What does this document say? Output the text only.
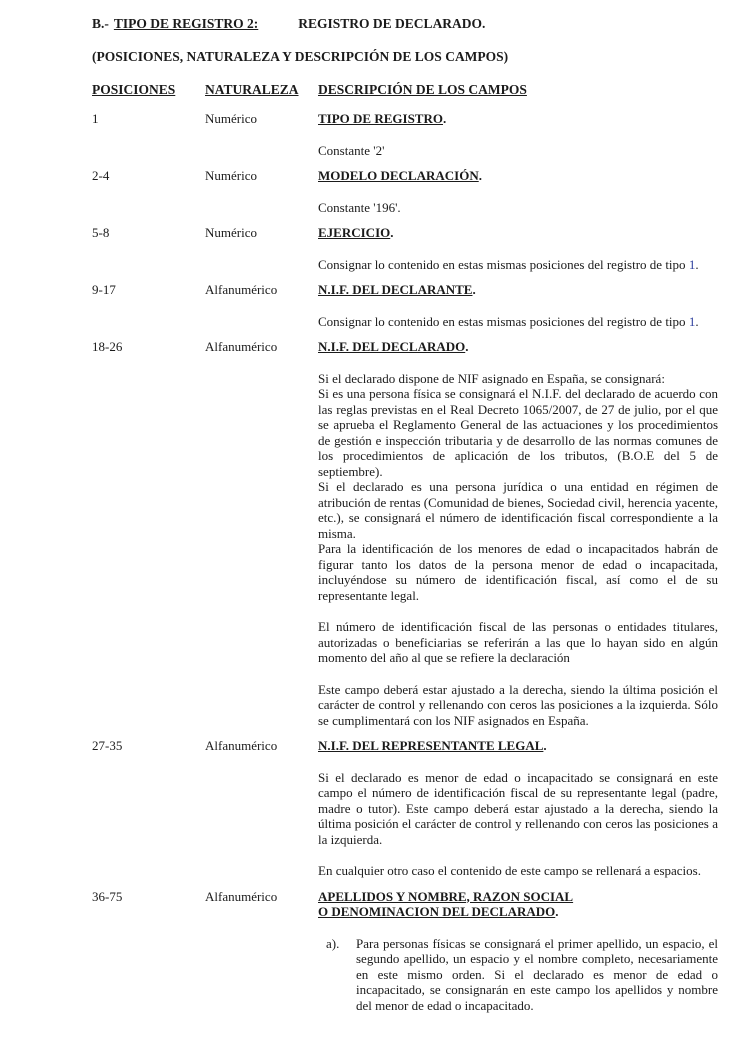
B.- TIPO DE REGISTRO 2:	REGISTRO DE DECLARADO.
(POSICIONES, NATURALEZA Y DESCRIPCIÓN DE LOS CAMPOS)
POSICIONES	NATURALEZA	DESCRIPCIÓN DE LOS CAMPOS
1	Numérico	TIPO DE REGISTRO.
Constante '2'
2-4	Numérico	MODELO DECLARACIÓN.
Constante '196'.
5-8	Numérico	EJERCICIO.
Consignar lo contenido en estas mismas posiciones del registro de tipo 1.
9-17	Alfanumérico	N.I.F. DEL DECLARANTE.
Consignar lo contenido en estas mismas posiciones del registro de tipo 1.
18-26	Alfanumérico	N.I.F. DEL DECLARADO.
Si el declarado dispone de NIF asignado en España, se consignará:
Si es una persona física se consignará el N.I.F. del declarado de acuerdo con las reglas previstas en el Real Decreto 1065/2007, de 27 de julio, por el que se aprueba el Reglamento General de las actuaciones y los procedimientos de gestión e inspección tributaria y de desarrollo de las normas comunes de los procedimientos de aplicación de los tributos, (B.O.E del 5 de septiembre).
Si el declarado es una persona jurídica o una entidad en régimen de atribución de rentas (Comunidad de bienes, Sociedad civil, herencia yacente, etc.), se consignará el número de identificación fiscal correspondiente a la misma.
Para la identificación de los menores de edad o incapacitados habrán de figurar tanto los datos de la persona menor de edad o incapacitada, incluyéndose su número de identificación fiscal, así como el de su representante legal.
El número de identificación fiscal de las personas o entidades titulares, autorizadas o beneficiarias se referirán a las que lo hayan sido en algún momento del año al que se refiere la declaración
Este campo deberá estar ajustado a la derecha, siendo la última posición el carácter de control y rellenando con ceros las posiciones a la izquierda. Sólo se cumplimentará con los NIF asignados en España.
27-35	Alfanumérico	N.I.F. DEL REPRESENTANTE LEGAL.
Si el declarado es menor de edad o incapacitado se consignará en este campo el número de identificación fiscal de su representante legal (padre, madre o tutor). Este campo deberá estar ajustado a la derecha, siendo la última posición el carácter de control y rellenando con ceros las posiciones a la izquierda.
En cualquier otro caso el contenido de este campo se rellenará a espacios.
36-75	Alfanumérico	APELLIDOS Y NOMBRE, RAZON SOCIAL
O DENOMINACION DEL DECLARADO.
a).	Para personas físicas se consignará el primer apellido, un espacio, el segundo apellido, un espacio y el nombre completo, necesariamente en este mismo orden. Si el declarado es menor de edad o incapacitado, se consignarán en este campo los apellidos y nombre del menor de edad o incapacitado.
